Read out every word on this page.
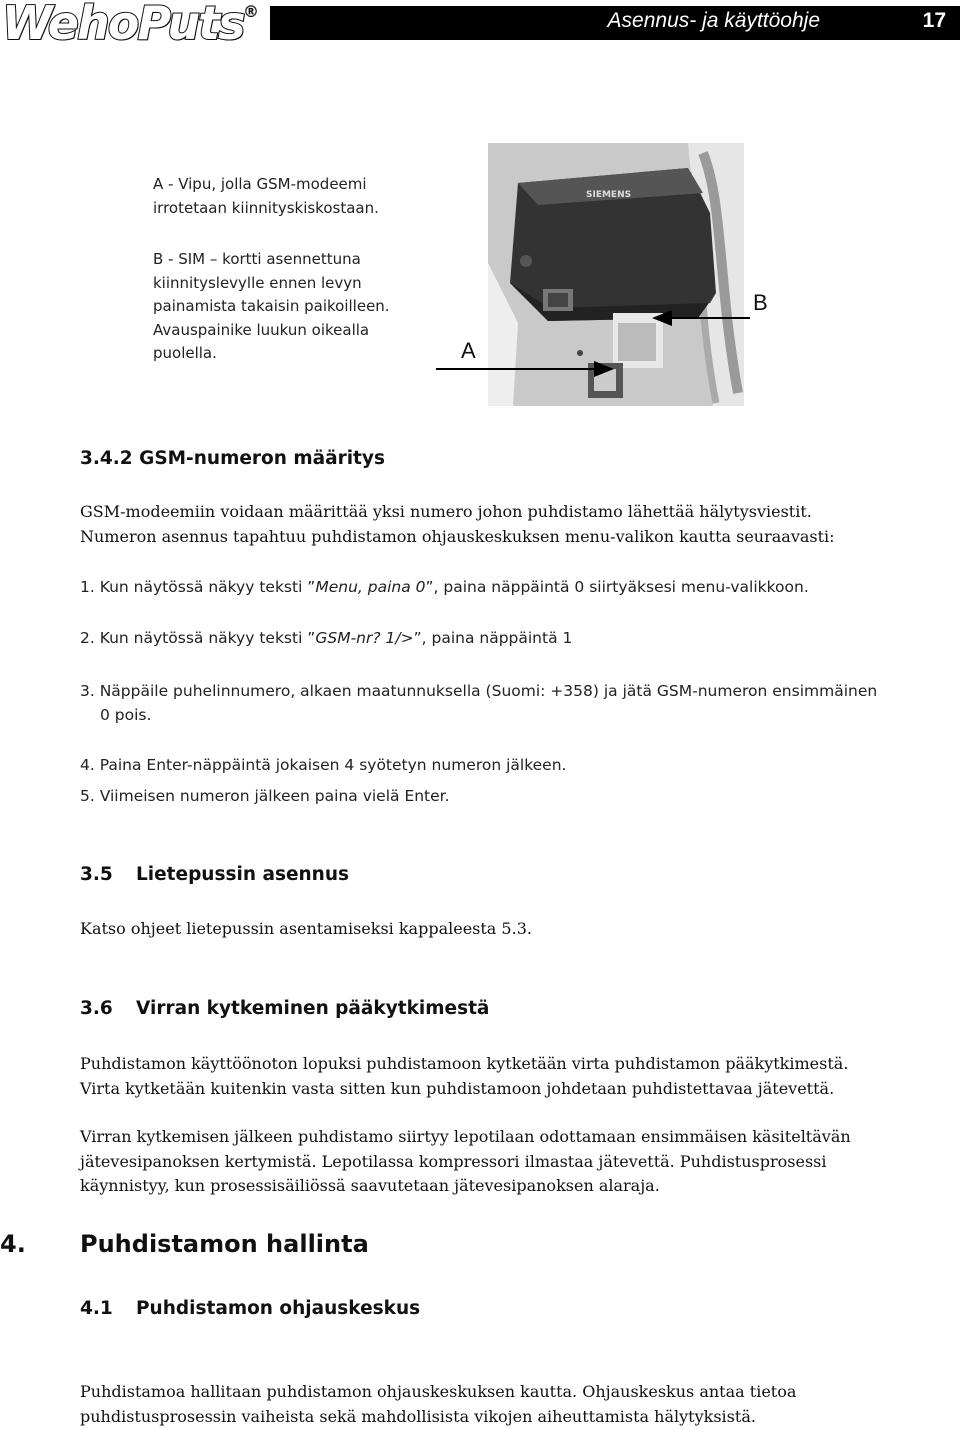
WehoPuts ®	Asennus- ja käyttöohje	17
A - Vipu, jolla GSM-modeemi irrotetaan kiinnityskiskostaan.
B - SIM – kortti asennettuna kiinnityslevylle ennen levyn painamista takaisin paikoilleen. Avauspainike luukun oikealla puolella.
SIEMENS
A
B
3.4.2 GSM-numeron määritys
GSM-modeemiin voidaan määrittää yksi numero johon puhdistamo lähettää hälytysviestit. Numeron asennus tapahtuu puhdistamon ohjauskeskuksen menu-valikon kautta seuraavasti:
1. Kun näytössä näkyy teksti ”Menu, paina 0”, paina näppäintä 0 siirtyäksesi menu-valikkoon.
2. Kun näytössä näkyy teksti ”GSM-nr? 1/>”, paina näppäintä 1
3. Näppäile puhelinnumero, alkaen maatunnuksella (Suomi: +358) ja jätä GSM-numeron ensimmäinen
0 pois.
4. Paina Enter-näppäintä jokaisen 4 syötetyn numeron jälkeen.
5. Viimeisen numeron jälkeen paina vielä Enter.
3.5 Lietepussin asennus
Katso ohjeet lietepussin asentamiseksi kappaleesta 5.3.
3.6 Virran kytkeminen pääkytkimestä
Puhdistamon käyttöönoton lopuksi puhdistamoon kytketään virta puhdistamon pääkytkimestä. Virta kytketään kuitenkin vasta sitten kun puhdistamoon johdetaan puhdistettavaa jätevettä.
Virran kytkemisen jälkeen puhdistamo siirtyy lepotilaan odottamaan ensimmäisen käsiteltävän jätevesipanoksen kertymistä. Lepotilassa kompressori ilmastaa jätevettä. Puhdistusprosessi käynnistyy, kun prosessisäiliössä saavutetaan jätevesipanoksen alaraja.
4. Puhdistamon hallinta
4.1 Puhdistamon ohjauskeskus
Puhdistamoa hallitaan puhdistamon ohjauskeskuksen kautta. Ohjauskeskus antaa tietoa puhdistusprosessin vaiheista sekä mahdollisista vikojen aiheuttamista hälytyksistä.
